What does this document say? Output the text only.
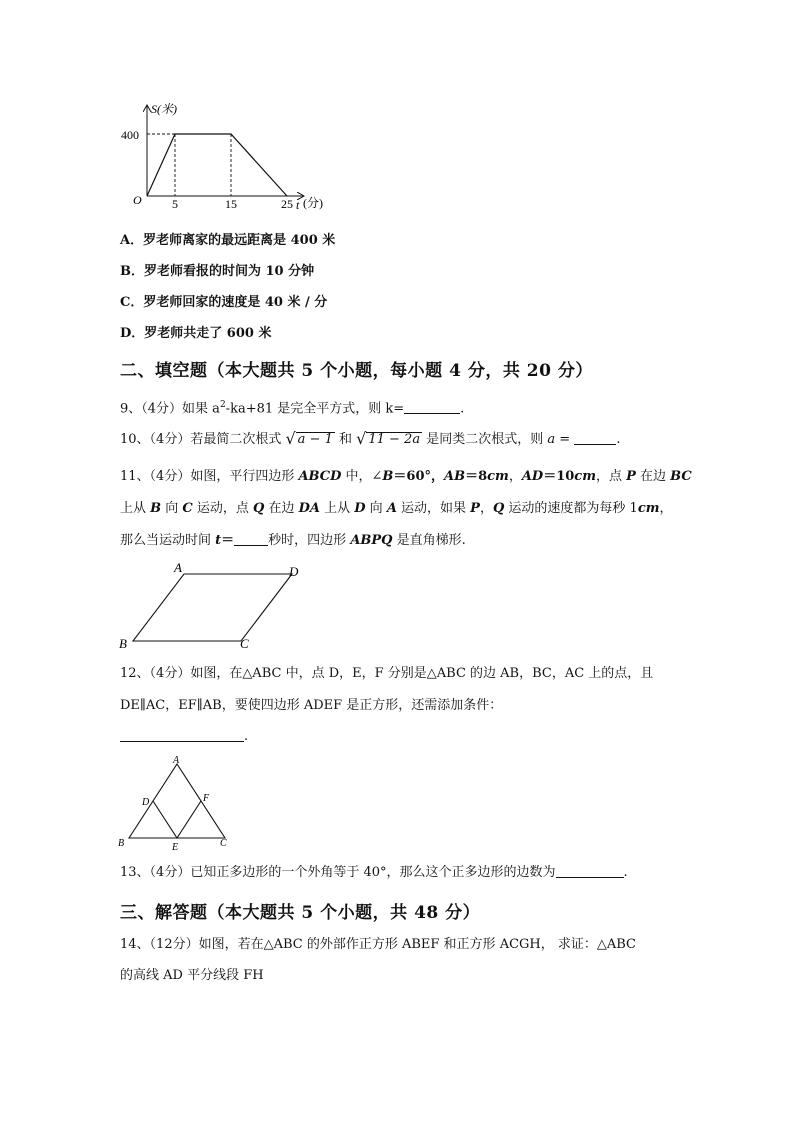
S(米)
400
O	5	15	25 t (分)
A．罗老师离家的最远距离是 400 米
B．罗老师看报的时间为 10 分钟
C．罗老师回家的速度是 40 米 / 分
D．罗老师共走了 600 米
二、填空题（本大题共 5 个小题，每小题 4 分，共 20 分）
9、（4分）如果 $a^2-ka+81$ 是完全平方式，则 k=	.
10、（4分）若最简二次根式 √ a − 1 和 √ 11 − 2a 是同类二次根式，则 a =	.
11、（4分）如图，平行四边形 ABCD 中，∠B＝60°，AB＝8cm，AD＝10cm，点 P 在边 BC
上从 B 向 C 运动，点 Q 在边 DA 上从 D 向 A 运动，如果 P，Q 运动的速度都为每秒 1cm，
那么当运动时间 t＝	秒时，四边形 ABPQ 是直角梯形.
A	D
B	C
12、（4分）如图，在△ABC 中，点 D，E，F 分别是△ABC 的边 AB，BC，AC 上的点，且
DE∥AC，EF∥AB，要使四边形 ADEF 是正方形，还需添加条件：
.
A
B	C
D
E
F
13、（4分）已知正多边形的一个外角等于 40°，那么这个正多边形的边数为	.
三、解答题（本大题共 5 个小题，共 48 分）
14、（12分）如图，若在△ABC 的外部作正方形 ABEF 和正方形 ACGH， 求证：△ABC
的高线 AD 平分线段 FH
